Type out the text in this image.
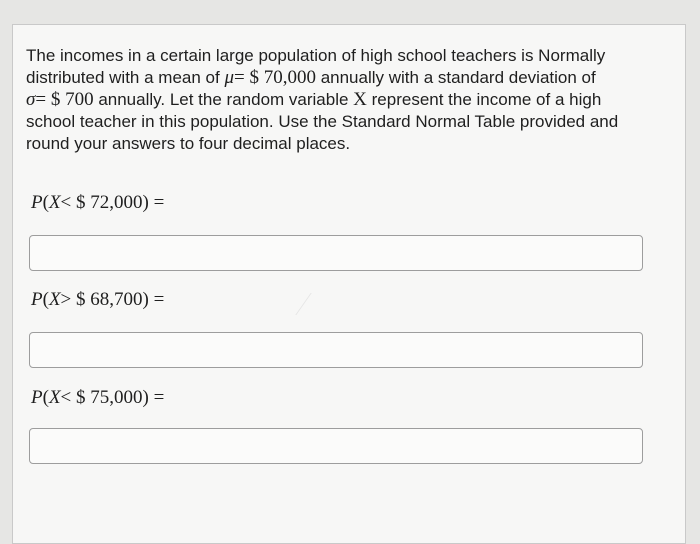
The incomes in a certain large population of high school teachers is Normally

distributed with a mean of μ= $ 70,000 annually with a standard deviation of

σ= $ 700 annually. Let the random variable X represent the income of a high

school teacher in this population. Use the Standard Normal Table provided and

round your answers to four decimal places.

P(X< $ 72,000) =
P(X> $ 68,700) =
P(X< $ 75,000) =
